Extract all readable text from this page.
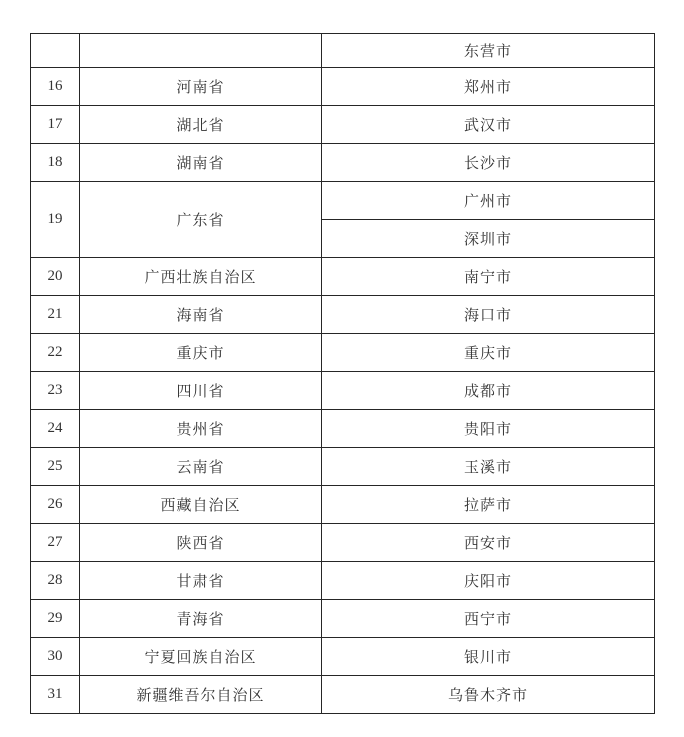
		东营市
16	河南省	郑州市
17	湖北省	武汉市
18	湖南省	长沙市
19	广东省	广州市
		深圳市
20	广西壮族自治区	南宁市
21	海南省	海口市
22	重庆市	重庆市
23	四川省	成都市
24	贵州省	贵阳市
25	云南省	玉溪市
26	西藏自治区	拉萨市
27	陕西省	西安市
28	甘肃省	庆阳市
29	青海省	西宁市
30	宁夏回族自治区	银川市
31	新疆维吾尔自治区	乌鲁木齐市
